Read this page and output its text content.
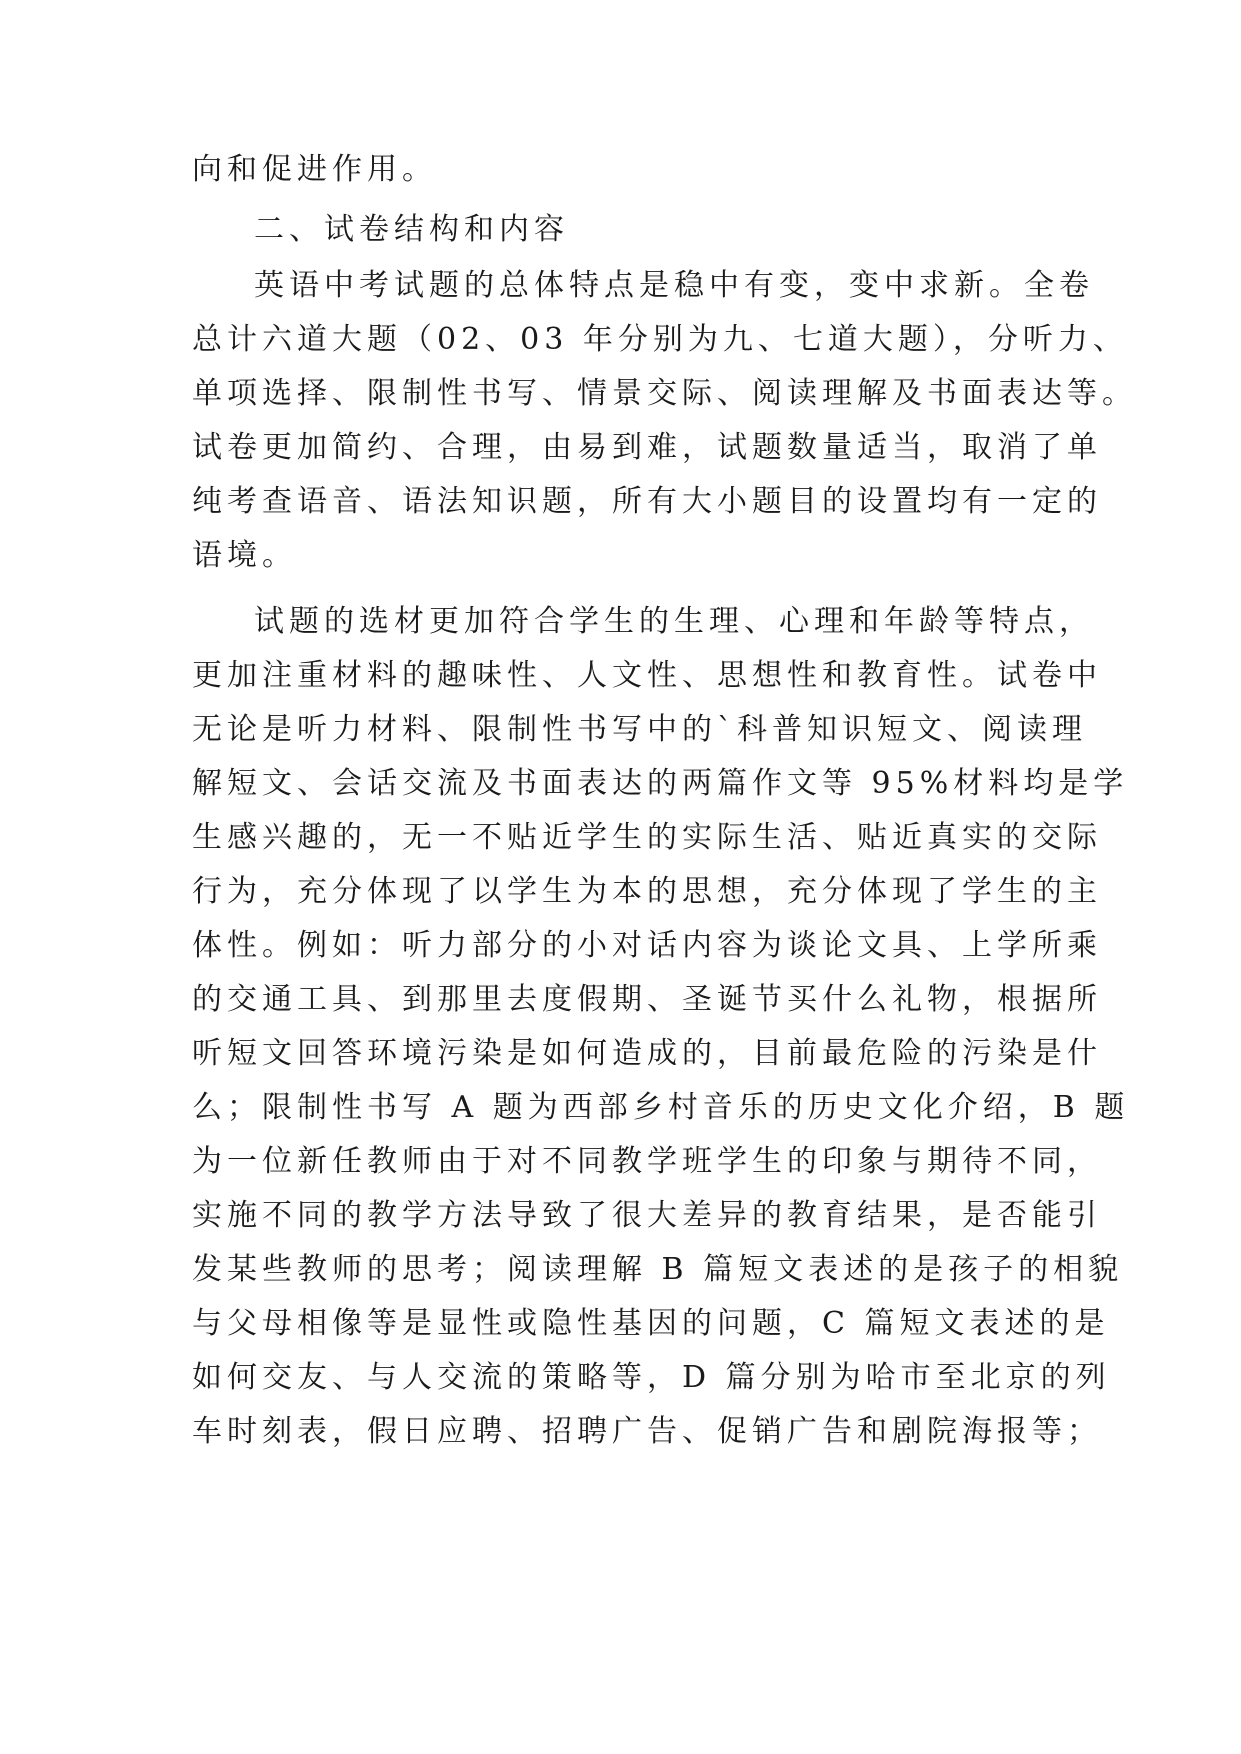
向和促进作用。
二、试卷结构和内容
英语中考试题的总体特点是稳中有变，变中求新。全卷
总计六道大题（02、03 年分别为九、七道大题），分听力、
单项选择、限制性书写、情景交际、阅读理解及书面表达等。
试卷更加简约、合理，由易到难，试题数量适当，取消了单
纯考查语音、语法知识题，所有大小题目的设置均有一定的
语境。
试题的选材更加符合学生的生理、心理和年龄等特点，
更加注重材料的趣味性、人文性、思想性和教育性。试卷中
无论是听力材料、限制性书写中的`科普知识短文、阅读理
解短文、会话交流及书面表达的两篇作文等 95%材料均是学
生感兴趣的，无一不贴近学生的实际生活、贴近真实的交际
行为，充分体现了以学生为本的思想，充分体现了学生的主
体性。例如：听力部分的小对话内容为谈论文具、上学所乘
的交通工具、到那里去度假期、圣诞节买什么礼物，根据所
听短文回答环境污染是如何造成的，目前最危险的污染是什
么；限制性书写 A 题为西部乡村音乐的历史文化介绍，B 题
为一位新任教师由于对不同教学班学生的印象与期待不同，
实施不同的教学方法导致了很大差异的教育结果，是否能引
发某些教师的思考；阅读理解 B 篇短文表述的是孩子的相貌
与父母相像等是显性或隐性基因的问题，C 篇短文表述的是
如何交友、与人交流的策略等，D 篇分别为哈市至北京的列
车时刻表，假日应聘、招聘广告、促销广告和剧院海报等；
